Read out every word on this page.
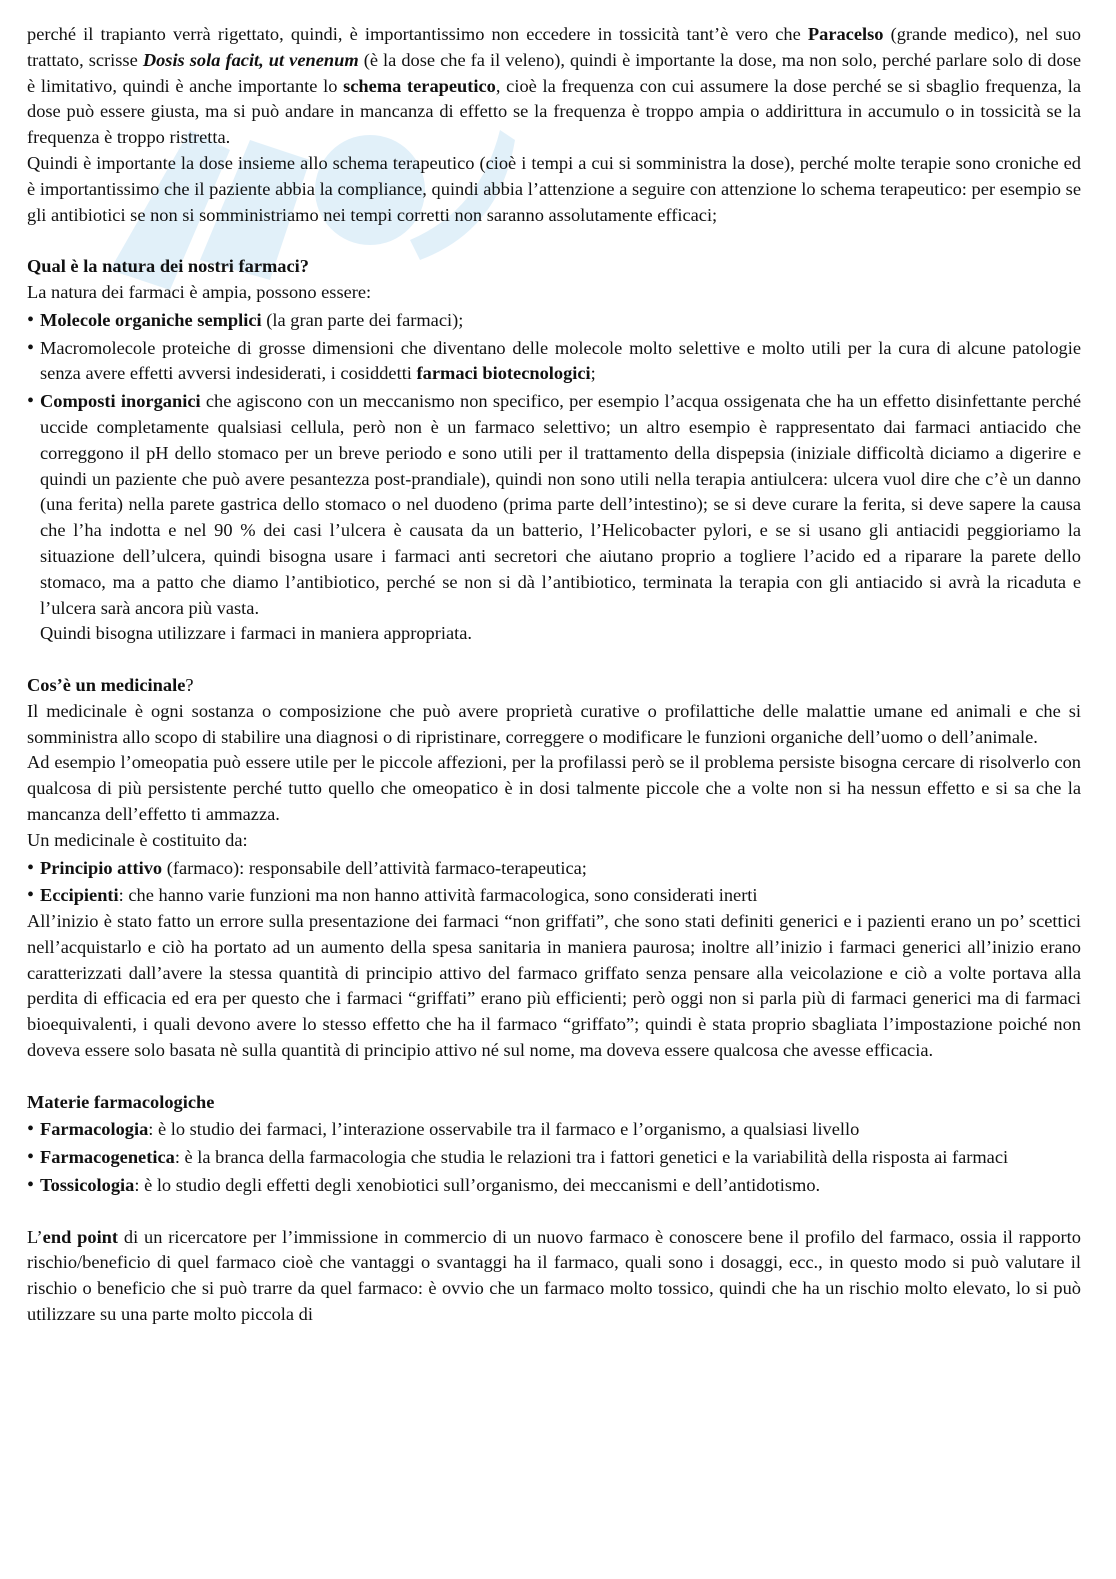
perché il trapianto verrà rigettato, quindi, è importantissimo non eccedere in tossicità tant’è vero che Paracelso (grande medico), nel suo trattato, scrisse Dosis sola facit, ut venenum (è la dose che fa il veleno), quindi è importante la dose, ma non solo, perché parlare solo di dose è limitativo, quindi è anche importante lo schema terapeutico, cioè la frequenza con cui assumere la dose perché se si sbaglio frequenza, la dose può essere giusta, ma si può andare in mancanza di effetto se la frequenza è troppo ampia o addirittura in accumulo o in tossicità se la frequenza è troppo ristretta.

Quindi è importante la dose insieme allo schema terapeutico (cioè i tempi a cui si somministra la dose), perché molte terapie sono croniche ed è importantissimo che il paziente abbia la compliance, quindi abbia l’attenzione a seguire con attenzione lo schema terapeutico: per esempio se gli antibiotici se non si somministriamo nei tempi corretti non saranno assolutamente efficaci;

Qual è la natura dei nostri farmaci?

La natura dei farmaci è ampia, possono essere:

• Molecole organiche semplici (la gran parte dei farmaci);
• Macromolecole proteiche di grosse dimensioni che diventano delle molecole molto selettive e molto utili per la cura di alcune patologie senza avere effetti avversi indesiderati, i cosiddetti farmaci biotecnologici;
• Composti inorganici che agiscono con un meccanismo non specifico, per esempio l’acqua ossigenata che ha un effetto disinfettante perché uccide completamente qualsiasi cellula, però non è un farmaco selettivo; un altro esempio è rappresentato dai farmaci antiacido che correggono il pH dello stomaco per un breve periodo e sono utili per il trattamento della dispepsia (iniziale difficoltà diciamo a digerire e quindi un paziente che può avere pesantezza post-prandiale), quindi non sono utili nella terapia antiulcera: ulcera vuol dire che c’è un danno (una ferita) nella parete gastrica dello stomaco o nel duodeno (prima parte dell’intestino); se si deve curare la ferita, si deve sapere la causa che l’ha indotta e nel 90 % dei casi l’ulcera è causata da un batterio, l’Helicobacter pylori, e se si usano gli antiacidi peggioriamo la situazione dell’ulcera, quindi bisogna usare i farmaci anti secretori che aiutano proprio a togliere l’acido ed a riparare la parete dello stomaco, ma a patto che diamo l’antibiotico, perché se non si dà l’antibiotico, terminata la terapia con gli antiacido si avrà la ricaduta e l’ulcera sarà ancora più vasta.

Quindi bisogna utilizzare i farmaci in maniera appropriata.

Cos’è un medicinale?

Il medicinale è ogni sostanza o composizione che può avere proprietà curative o profilattiche delle malattie umane ed animali e che si somministra allo scopo di stabilire una diagnosi o di ripristinare, correggere o modificare le funzioni organiche dell’uomo o dell’animale.

Ad esempio l’omeopatia può essere utile per le piccole affezioni, per la profilassi però se il problema persiste bisogna cercare di risolverlo con qualcosa di più persistente perché tutto quello che omeopatico è in dosi talmente piccole che a volte non si ha nessun effetto e si sa che la mancanza dell’effetto ti ammazza.

Un medicinale è costituito da:

• Principio attivo (farmaco): responsabile dell’attività farmaco-terapeutica;
• Eccipienti: che hanno varie funzioni ma non hanno attività farmacologica, sono considerati inerti

All’inizio è stato fatto un errore sulla presentazione dei farmaci “non griffati”, che sono stati definiti generici e i pazienti erano un po’ scettici nell’acquistarlo e ciò ha portato ad un aumento della spesa sanitaria in maniera paurosa; inoltre all’inizio i farmaci generici all’inizio erano caratterizzati dall’avere la stessa quantità di principio attivo del farmaco griffato senza pensare alla veicolazione e ciò a volte portava alla perdita di efficacia ed era per questo che i farmaci “griffati” erano più efficienti; però oggi non si parla più di farmaci generici ma di farmaci bioequivalenti, i quali devono avere lo stesso effetto che ha il farmaco “griffato”; quindi è stata proprio sbagliata l’impostazione poiché non doveva essere solo basata nè sulla quantità di principio attivo né sul nome, ma doveva essere qualcosa che avesse efficacia.

Materie farmacologiche

• Farmacologia: è lo studio dei farmaci, l’interazione osservabile tra il farmaco e l’organismo, a qualsiasi livello
• Farmacogenetica: è la branca della farmacologia che studia le relazioni tra i fattori genetici e la variabilità della risposta ai farmaci
• Tossicologia: è lo studio degli effetti degli xenobiotici sull’organismo, dei meccanismi e dell’antidotismo.

L’end point di un ricercatore per l’immissione in commercio di un nuovo farmaco è conoscere bene il profilo del farmaco, ossia il rapporto rischio/beneficio di quel farmaco cioè che vantaggi o svantaggi ha il farmaco, quali sono i dosaggi, ecc., in questo modo si può valutare il rischio o beneficio che si può trarre da quel farmaco: è ovvio che un farmaco molto tossico, quindi che ha un rischio molto elevato, lo si può utilizzare su una parte molto piccola di
